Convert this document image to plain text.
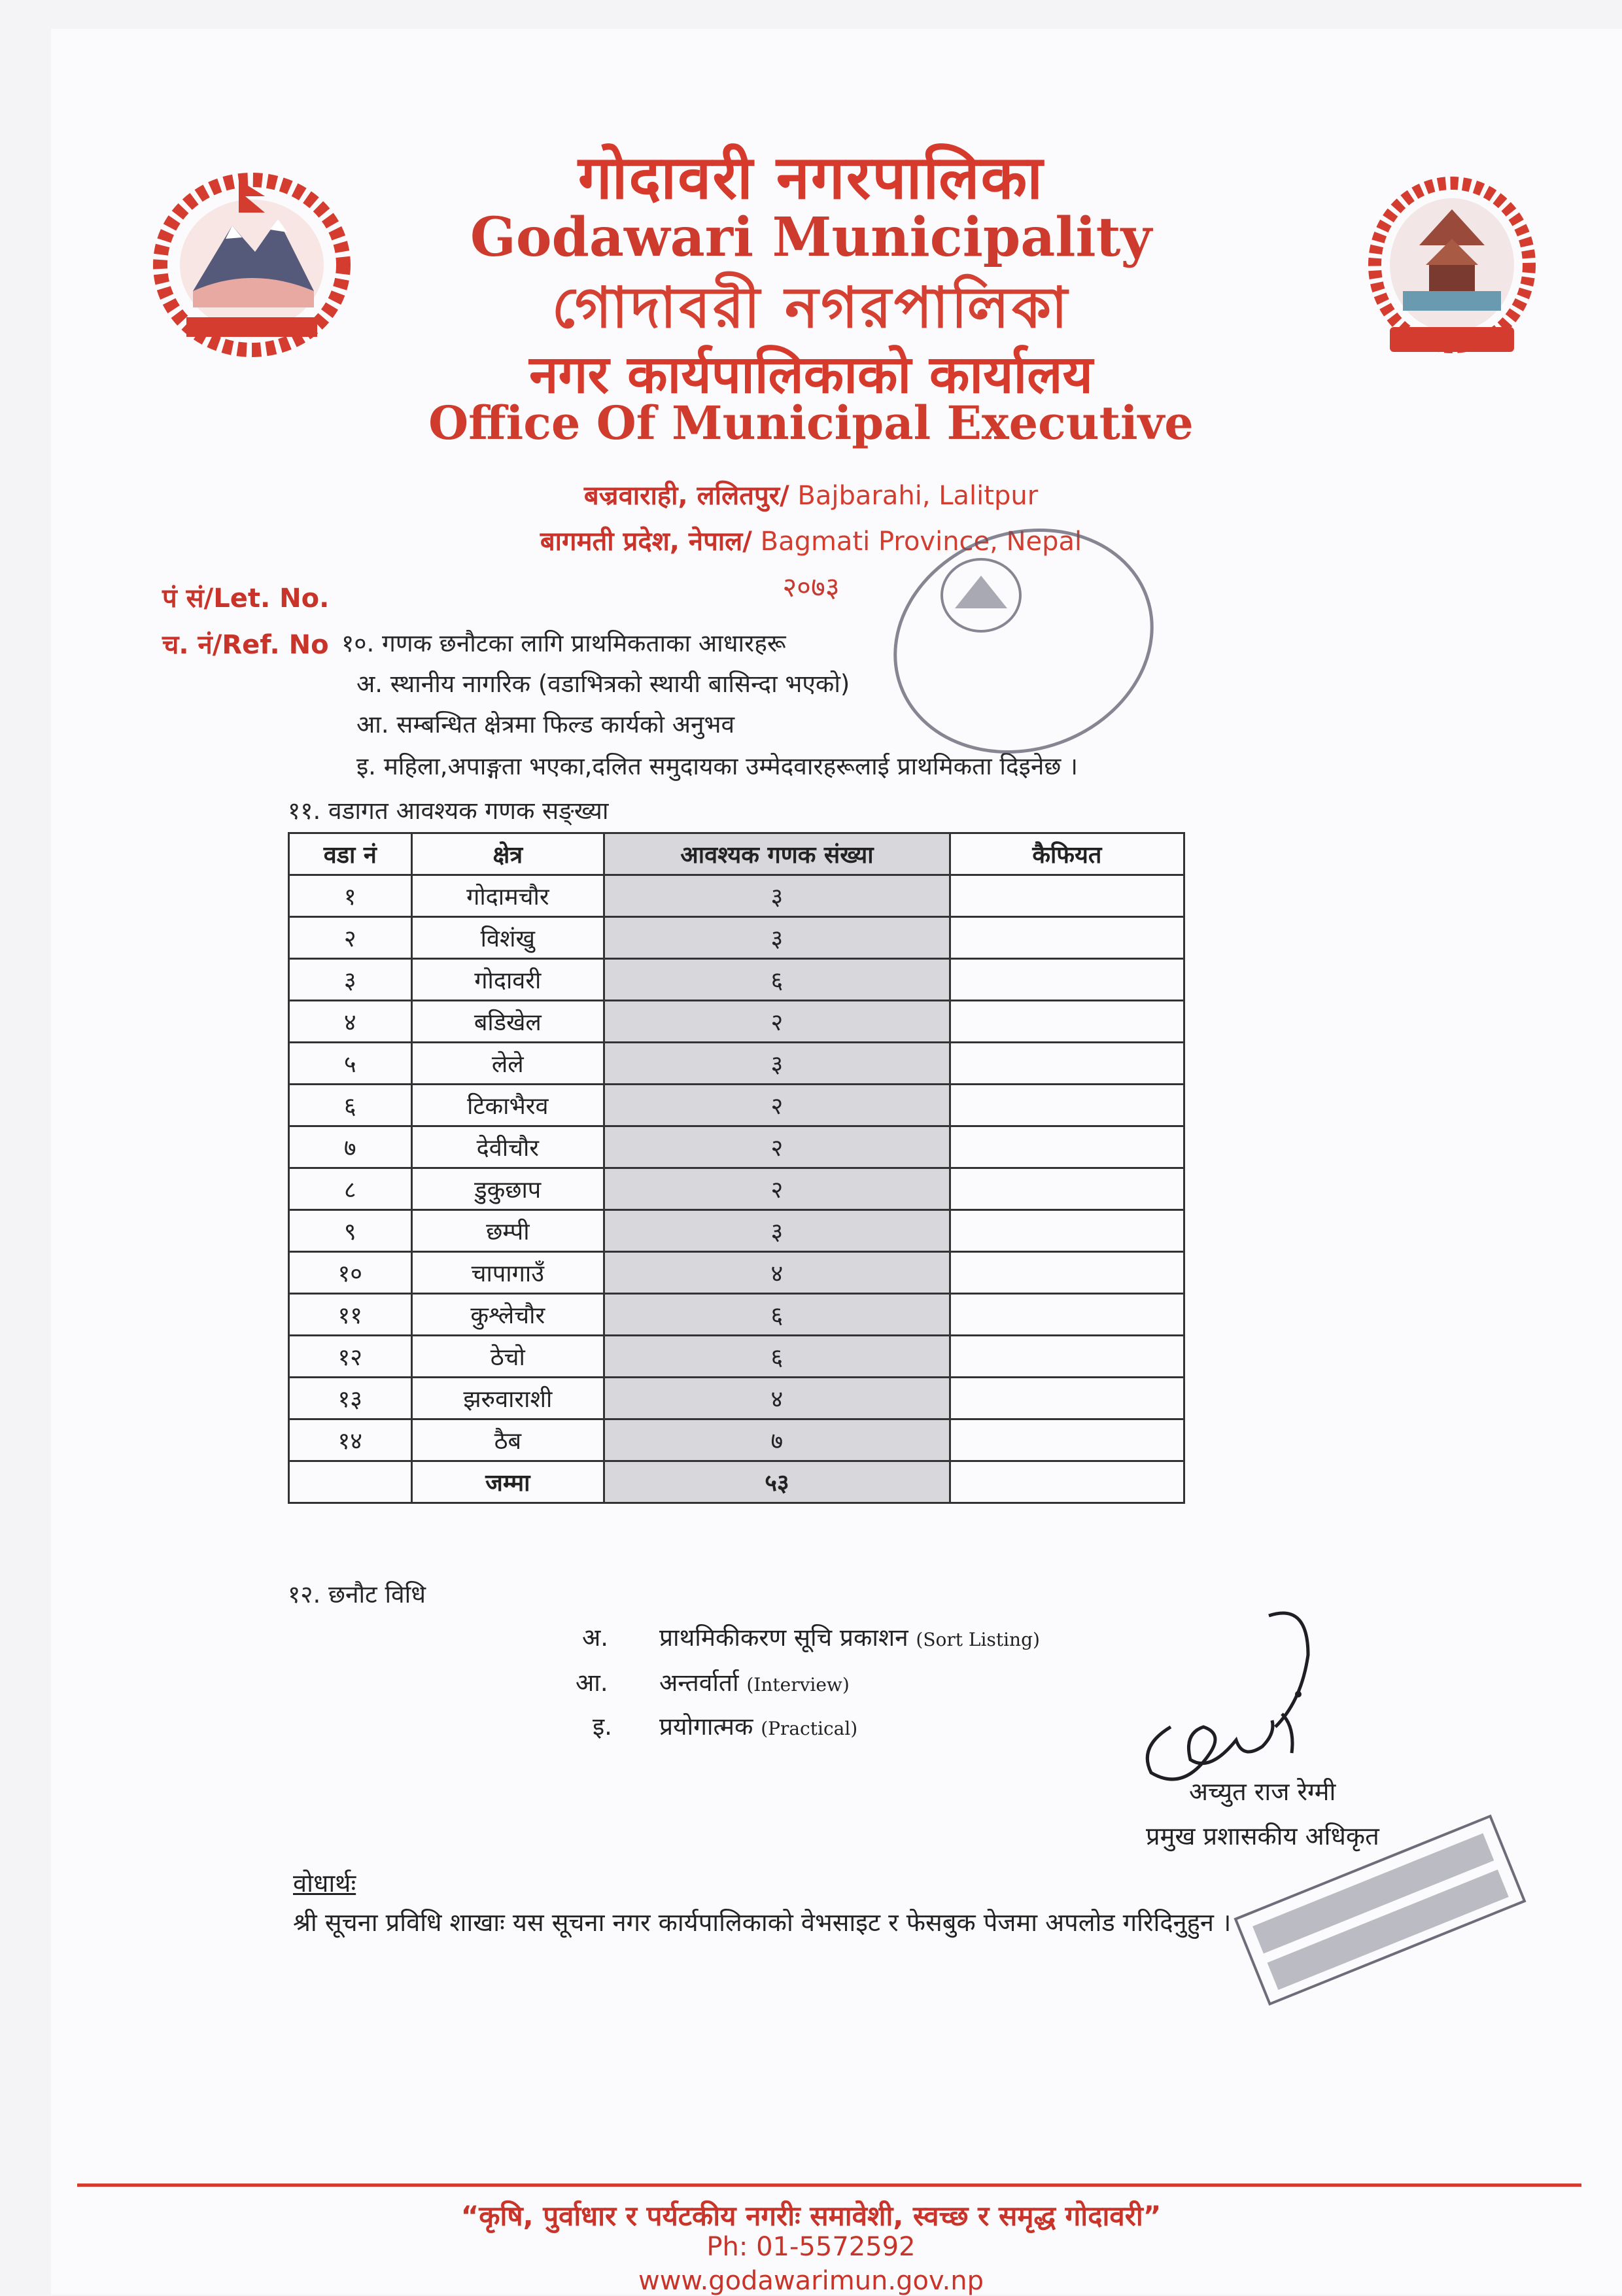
गोदावरी नगरपालिका
Godawari Municipality
গোদাবরী নগরপালিকা
नगर कार्यपालिकाको कार्यालय
Office Of Municipal Executive
बज्रवाराही, ललितपुर/ Bajbarahi, Lalitpur
बागमती प्रदेश, नेपाल/ Bagmati Province, Nepal
२०७३
पं सं/Let. No.
च. नं/Ref. No १०. गणक छनौटका लागि प्राथमिकताका आधारहरू
अ. स्थानीय नागरिक (वडाभित्रको स्थायी बासिन्दा भएको)
आ. सम्बन्धित क्षेत्रमा फिल्ड कार्यको अनुभव
इ. महिला,अपाङ्गता भएका,दलित समुदायका उम्मेदवारहरूलाई प्राथमिकता दिइनेछ ।
११. वडागत आवश्यक गणक सङ्ख्या
वडा नं	क्षेत्र	आवश्यक गणक संख्या	कैफियत
१	गोदामचौर	३	
२	विशंखु	३	
३	गोदावरी	६	
४	बडिखेल	२	
५	लेले	३	
६	टिकाभैरव	२	
७	देवीचौर	२	
८	डुकुछाप	२	
९	छम्पी	३	
१०	चापागाउँ	४	
११	कुश्लेचौर	६	
१२	ठेचो	६	
१३	झरुवाराशी	४	
१४	ठैब	७	
	जम्मा	५३	
१२. छनौट विधि
अ. प्राथमिकीकरण सूचि प्रकाशन (Sort Listing)
आ. अन्तर्वार्ता (Interview)
इ. प्रयोगात्मक (Practical)
अच्युत राज रेग्मी
प्रमुख प्रशासकीय अधिकृत
वोधार्थः
श्री सूचना प्रविधि शाखाः यस सूचना नगर कार्यपालिकाको वेभसाइट र फेसबुक पेजमा अपलोड गरिदिनुहुन ।
“कृषि, पुर्वाधार र पर्यटकीय नगरीः समावेशी, स्वच्छ र समृद्ध गोदावरी”
Ph: 01-5572592
www.godawarimun.gov.np
